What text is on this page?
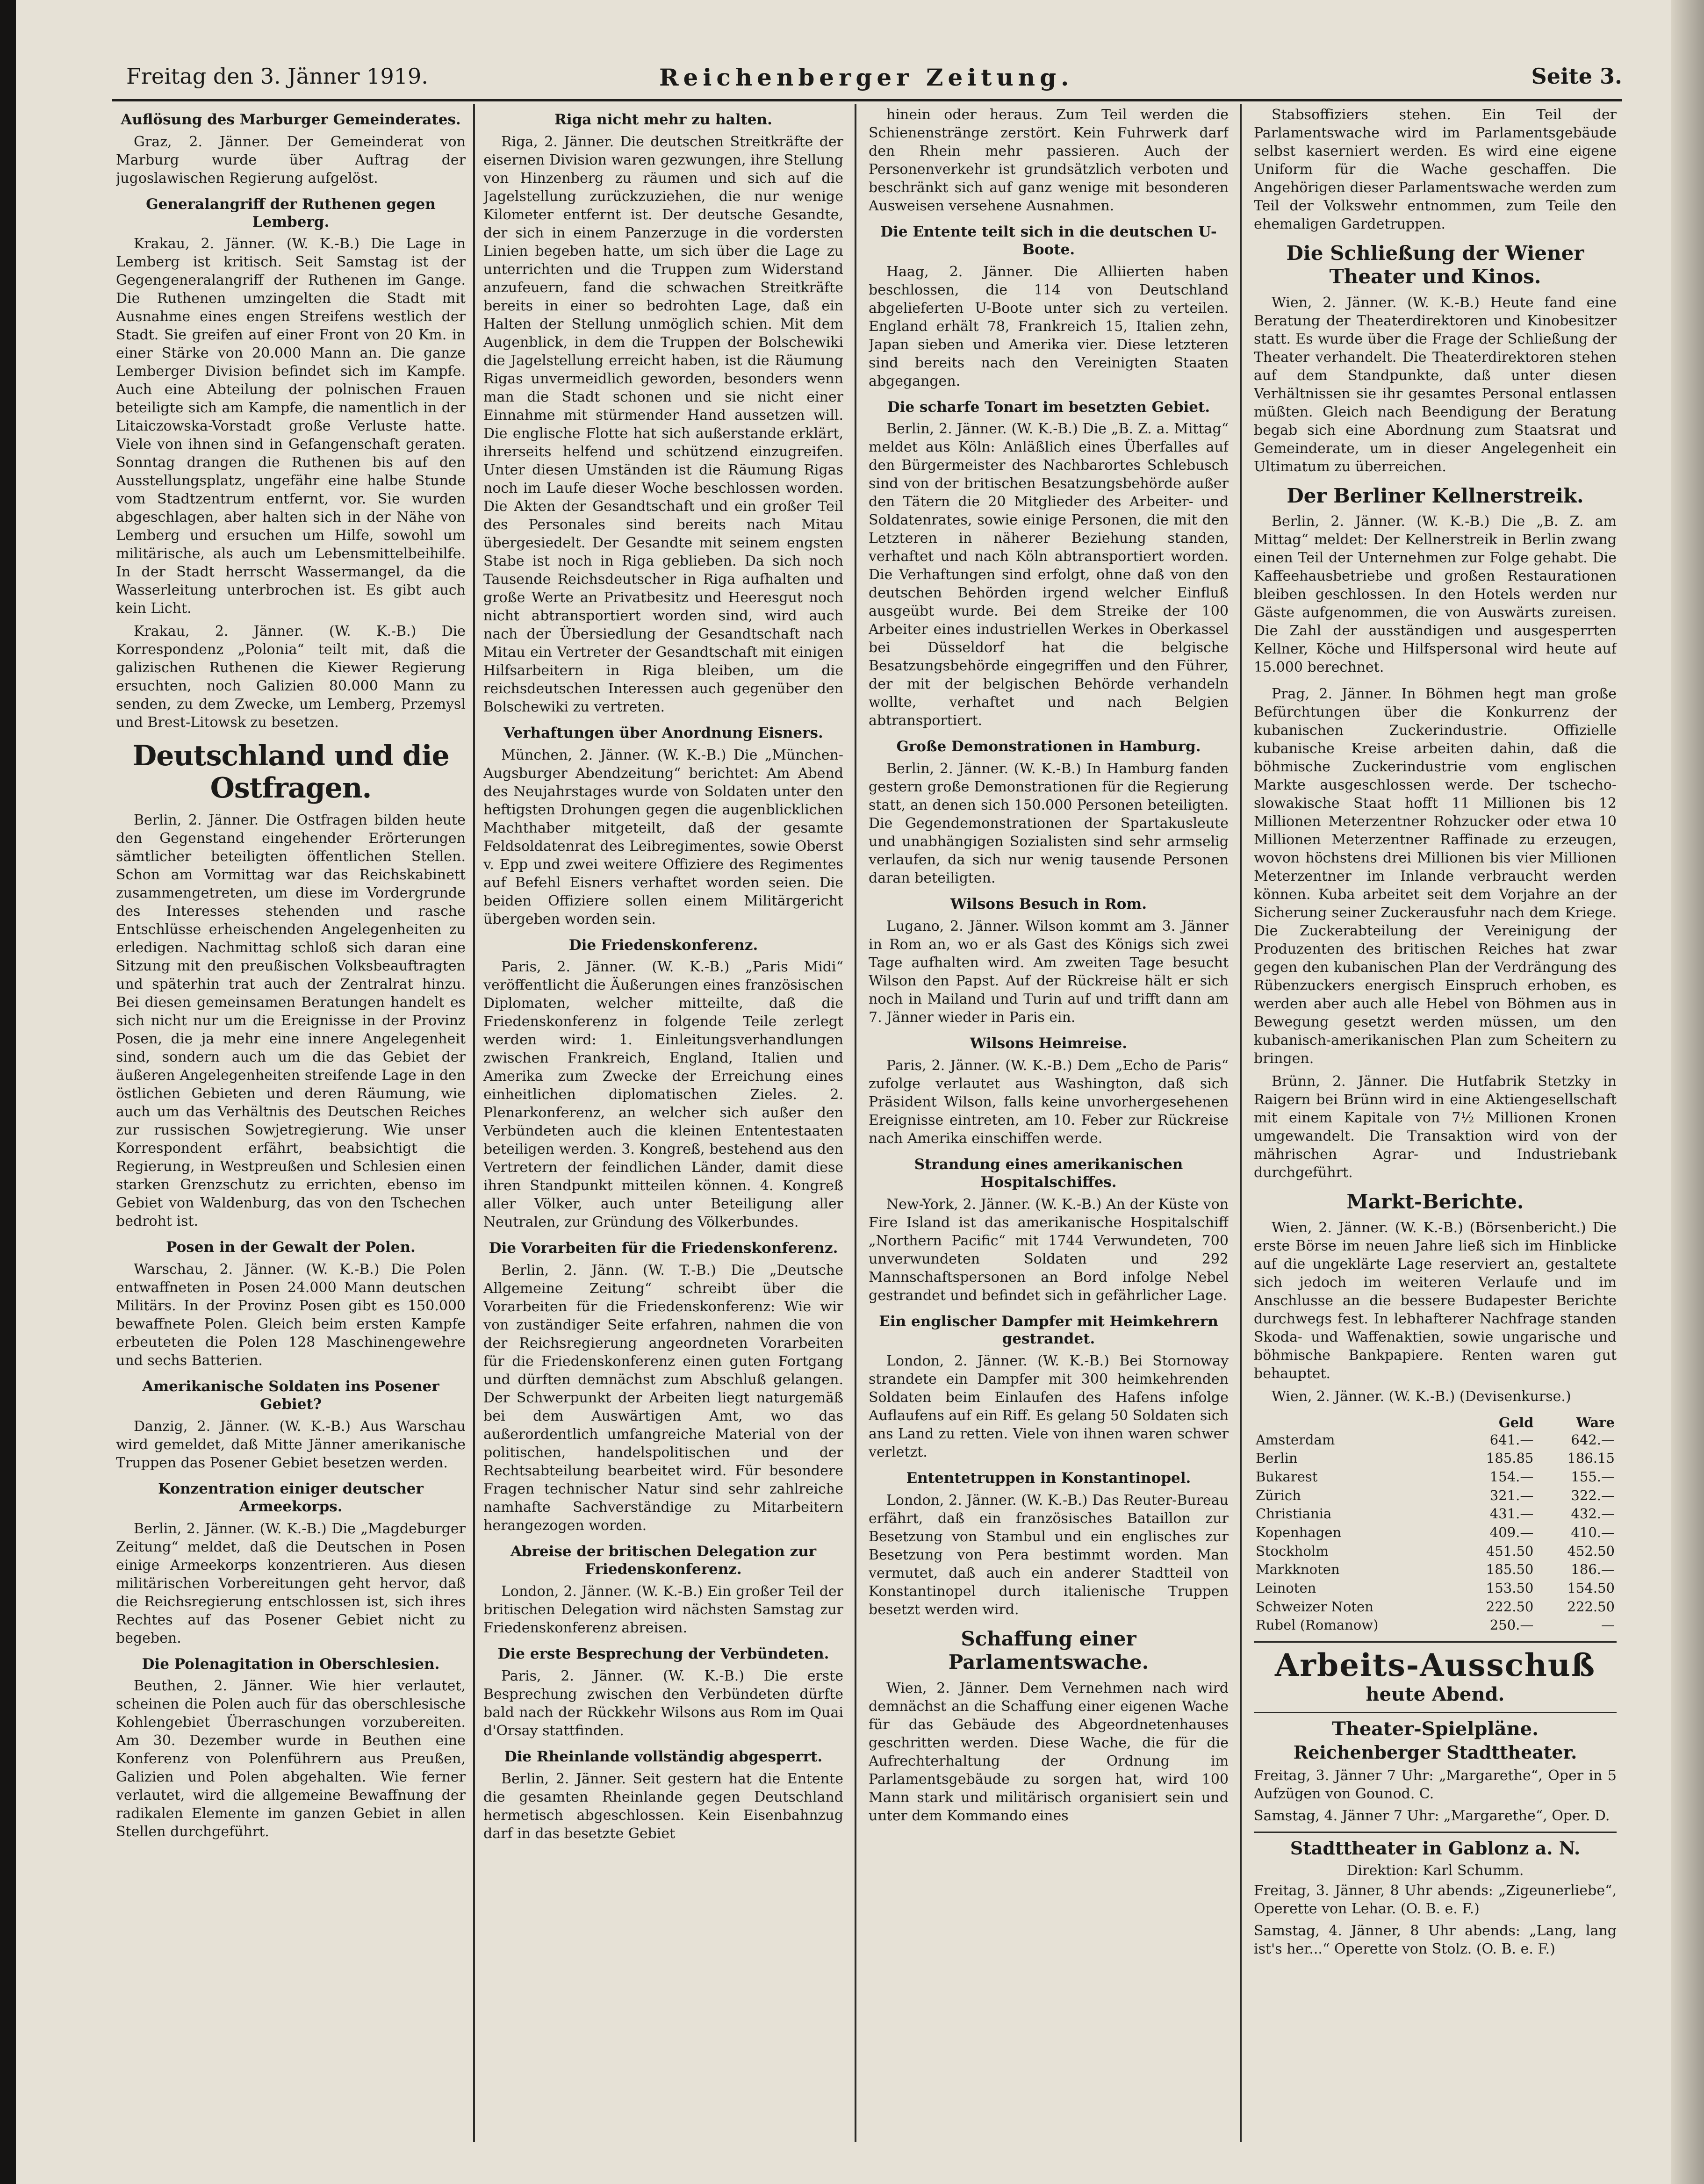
Freitag den 3. Jänner 1919.	Reichenberger Zeitung.	Seite 3.
Auflösung des Marburger Gemeinderates.

Graz, 2. Jänner. Der Gemeinderat von Marburg wurde über Auftrag der jugoslawischen Regierung aufgelöst.

Generalangriff der Ruthenen gegen Lemberg.

Krakau, 2. Jänner. (W. K.-B.) Die Lage in Lemberg ist kritisch. Seit Samstag ist der Gegengeneralangriff der Ruthenen im Gange. Die Ruthenen umzingelten die Stadt mit Ausnahme eines engen Streifens westlich der Stadt. Sie greifen auf einer Front von 20 Km. in einer Stärke von 20.000 Mann an. Die ganze Lemberger Division befindet sich im Kampfe. Auch eine Abteilung der polnischen Frauen beteiligte sich am Kampfe, die namentlich in der Litaiczowska-Vorstadt große Verluste hatte. Viele von ihnen sind in Gefangenschaft geraten. Sonntag drangen die Ruthenen bis auf den Ausstellungsplatz, ungefähr eine halbe Stunde vom Stadtzentrum entfernt, vor. Sie wurden abgeschlagen, aber halten sich in der Nähe von Lemberg und ersuchen um Hilfe, sowohl um militärische, als auch um Lebensmittelbeihilfe. In der Stadt herrscht Wassermangel, da die Wasserleitung unterbrochen ist. Es gibt auch kein Licht.

Krakau, 2. Jänner. (W. K.-B.) Die Korrespondenz „Polonia“ teilt mit, daß die galizischen Ruthenen die Kiewer Regierung ersuchten, noch Galizien 80.000 Mann zu senden, zu dem Zwecke, um Lemberg, Przemysl und Brest-Litowsk zu besetzen.

Deutschland und die Ostfragen.

Berlin, 2. Jänner. Die Ostfragen bilden heute den Gegenstand eingehender Erörterungen sämtlicher beteiligten öffentlichen Stellen. Schon am Vormittag war das Reichskabinett zusammengetreten, um diese im Vordergrunde des Interesses stehenden und rasche Entschlüsse erheischenden Angelegenheiten zu erledigen. Nachmittag schloß sich daran eine Sitzung mit den preußischen Volksbeauftragten und späterhin trat auch der Zentralrat hinzu. Bei diesen gemeinsamen Beratungen handelt es sich nicht nur um die Ereignisse in der Provinz Posen, die ja mehr eine innere Angelegenheit sind, sondern auch um die das Gebiet der äußeren Angelegenheiten streifende Lage in den östlichen Gebieten und deren Räumung, wie auch um das Verhältnis des Deutschen Reiches zur russischen Sowjetregierung. Wie unser Korrespondent erfährt, beabsichtigt die Regierung, in Westpreußen und Schlesien einen starken Grenzschutz zu errichten, ebenso im Gebiet von Waldenburg, das von den Tschechen bedroht ist.

Posen in der Gewalt der Polen.

Warschau, 2. Jänner. (W. K.-B.) Die Polen entwaffneten in Posen 24.000 Mann deutschen Militärs. In der Provinz Posen gibt es 150.000 bewaffnete Polen. Gleich beim ersten Kampfe erbeuteten die Polen 128 Maschinengewehre und sechs Batterien.

Amerikanische Soldaten ins Posener Gebiet?

Danzig, 2. Jänner. (W. K.-B.) Aus Warschau wird gemeldet, daß Mitte Jänner amerikanische Truppen das Posener Gebiet besetzen werden.

Konzentration einiger deutscher Armeekorps.

Berlin, 2. Jänner. (W. K.-B.) Die „Magdeburger Zeitung“ meldet, daß die Deutschen in Posen einige Armeekorps konzentrieren. Aus diesen militärischen Vorbereitungen geht hervor, daß die Reichsregierung entschlossen ist, sich ihres Rechtes auf das Posener Gebiet nicht zu begeben.

Die Polenagitation in Oberschlesien.

Beuthen, 2. Jänner. Wie hier verlautet, scheinen die Polen auch für das oberschlesische Kohlengebiet Überraschungen vorzubereiten. Am 30. Dezember wurde in Beuthen eine Konferenz von Polenführern aus Preußen, Galizien und Polen abgehalten. Wie ferner verlautet, wird die allgemeine Bewaffnung der radikalen Elemente im ganzen Gebiet in allen Stellen durchgeführt.

Riga nicht mehr zu halten.

Riga, 2. Jänner. Die deutschen Streitkräfte der eisernen Division waren gezwungen, ihre Stellung von Hinzenberg zu räumen und sich auf die Jagelstellung zurückzuziehen, die nur wenige Kilometer entfernt ist. Der deutsche Gesandte, der sich in einem Panzerzuge in die vordersten Linien begeben hatte, um sich über die Lage zu unterrichten und die Truppen zum Widerstand anzufeuern, fand die schwachen Streitkräfte bereits in einer so bedrohten Lage, daß ein Halten der Stellung unmöglich schien. Mit dem Augenblick, in dem die Truppen der Bolschewiki die Jagelstellung erreicht haben, ist die Räumung Rigas unvermeidlich geworden, besonders wenn man die Stadt schonen und sie nicht einer Einnahme mit stürmender Hand aussetzen will. Die englische Flotte hat sich außerstande erklärt, ihrerseits helfend und schützend einzugreifen. Unter diesen Umständen ist die Räumung Rigas noch im Laufe dieser Woche beschlossen worden. Die Akten der Gesandtschaft und ein großer Teil des Personales sind bereits nach Mitau übergesiedelt. Der Gesandte mit seinem engsten Stabe ist noch in Riga geblieben. Da sich noch Tausende Reichsdeutscher in Riga aufhalten und große Werte an Privatbesitz und Heeresgut noch nicht abtransportiert worden sind, wird auch nach der Übersiedlung der Gesandtschaft nach Mitau ein Vertreter der Gesandtschaft mit einigen Hilfsarbeitern in Riga bleiben, um die reichsdeutschen Interessen auch gegenüber den Bolschewiki zu vertreten.

Verhaftungen über Anordnung Eisners.

München, 2. Jänner. (W. K.-B.) Die „München-Augsburger Abendzeitung“ berichtet: Am Abend des Neujahrstages wurde von Soldaten unter den heftigsten Drohungen gegen die augenblicklichen Machthaber mitgeteilt, daß der gesamte Feldsoldatenrat des Leibregimentes, sowie Oberst v. Epp und zwei weitere Offiziere des Regimentes auf Befehl Eisners verhaftet worden seien. Die beiden Offiziere sollen einem Militärgericht übergeben worden sein.

Die Friedenskonferenz.

Paris, 2. Jänner. (W. K.-B.) „Paris Midi“ veröffentlicht die Äußerungen eines französischen Diplomaten, welcher mitteilte, daß die Friedenskonferenz in folgende Teile zerlegt werden wird: 1. Einleitungsverhandlungen zwischen Frankreich, England, Italien und Amerika zum Zwecke der Erreichung eines einheitlichen diplomatischen Zieles. 2. Plenarkonferenz, an welcher sich außer den Verbündeten auch die kleinen Ententestaaten beteiligen werden. 3. Kongreß, bestehend aus den Vertretern der feindlichen Länder, damit diese ihren Standpunkt mitteilen können. 4. Kongreß aller Völker, auch unter Beteiligung aller Neutralen, zur Gründung des Völkerbundes.

Die Vorarbeiten für die Friedenskonferenz.

Berlin, 2. Jänn. (W. T.-B.) Die „Deutsche Allgemeine Zeitung“ schreibt über die Vorarbeiten für die Friedenskonferenz: Wie wir von zuständiger Seite erfahren, nahmen die von der Reichsregierung angeordneten Vorarbeiten für die Friedenskonferenz einen guten Fortgang und dürften demnächst zum Abschluß gelangen. Der Schwerpunkt der Arbeiten liegt naturgemäß bei dem Auswärtigen Amt, wo das außerordentlich umfangreiche Material von der politischen, handelspolitischen und der Rechtsabteilung bearbeitet wird. Für besondere Fragen technischer Natur sind sehr zahlreiche namhafte Sachverständige zu Mitarbeitern herangezogen worden.

Abreise der britischen Delegation zur Friedenskonferenz.

London, 2. Jänner. (W. K.-B.) Ein großer Teil der britischen Delegation wird nächsten Samstag zur Friedenskonferenz abreisen.

Die erste Besprechung der Verbündeten.

Paris, 2. Jänner. (W. K.-B.) Die erste Besprechung zwischen den Verbündeten dürfte bald nach der Rückkehr Wilsons aus Rom im Quai d'Orsay stattfinden.

Die Rheinlande vollständig abgesperrt.

Berlin, 2. Jänner. Seit gestern hat die Entente die gesamten Rheinlande gegen Deutschland hermetisch abgeschlossen. Kein Eisenbahnzug darf in das besetzte Gebiet

hinein oder heraus. Zum Teil werden die Schienenstränge zerstört. Kein Fuhrwerk darf den Rhein mehr passieren. Auch der Personenverkehr ist grundsätzlich verboten und beschränkt sich auf ganz wenige mit besonderen Ausweisen versehene Ausnahmen.

Die Entente teilt sich in die deutschen U-Boote.

Haag, 2. Jänner. Die Alliierten haben beschlossen, die 114 von Deutschland abgelieferten U-Boote unter sich zu verteilen. England erhält 78, Frankreich 15, Italien zehn, Japan sieben und Amerika vier. Diese letzteren sind bereits nach den Vereinigten Staaten abgegangen.

Die scharfe Tonart im besetzten Gebiet.

Berlin, 2. Jänner. (W. K.-B.) Die „B. Z. a. Mittag“ meldet aus Köln: Anläßlich eines Überfalles auf den Bürgermeister des Nachbarortes Schlebusch sind von der britischen Besatzungsbehörde außer den Tätern die 20 Mitglieder des Arbeiter- und Soldatenrates, sowie einige Personen, die mit den Letzteren in näherer Beziehung standen, verhaftet und nach Köln abtransportiert worden. Die Verhaftungen sind erfolgt, ohne daß von den deutschen Behörden irgend welcher Einfluß ausgeübt wurde. Bei dem Streike der 100 Arbeiter eines industriellen Werkes in Oberkassel bei Düsseldorf hat die belgische Besatzungsbehörde eingegriffen und den Führer, der mit der belgischen Behörde verhandeln wollte, verhaftet und nach Belgien abtransportiert.

Große Demonstrationen in Hamburg.

Berlin, 2. Jänner. (W. K.-B.) In Hamburg fanden gestern große Demonstrationen für die Regierung statt, an denen sich 150.000 Personen beteiligten. Die Gegendemonstrationen der Spartakusleute und unabhängigen Sozialisten sind sehr armselig verlaufen, da sich nur wenig tausende Personen daran beteiligten.

Wilsons Besuch in Rom.

Lugano, 2. Jänner. Wilson kommt am 3. Jänner in Rom an, wo er als Gast des Königs sich zwei Tage aufhalten wird. Am zweiten Tage besucht Wilson den Papst. Auf der Rückreise hält er sich noch in Mailand und Turin auf und trifft dann am 7. Jänner wieder in Paris ein.

Wilsons Heimreise.

Paris, 2. Jänner. (W. K.-B.) Dem „Echo de Paris“ zufolge verlautet aus Washington, daß sich Präsident Wilson, falls keine unvorhergesehenen Ereignisse eintreten, am 10. Feber zur Rückreise nach Amerika einschiffen werde.

Strandung eines amerikanischen Hospitalschiffes.

New-York, 2. Jänner. (W. K.-B.) An der Küste von Fire Island ist das amerikanische Hospitalschiff „Northern Pacific“ mit 1744 Verwundeten, 700 unverwundeten Soldaten und 292 Mannschaftspersonen an Bord infolge Nebel gestrandet und befindet sich in gefährlicher Lage.

Ein englischer Dampfer mit Heimkehrern gestrandet.

London, 2. Jänner. (W. K.-B.) Bei Stornoway strandete ein Dampfer mit 300 heimkehrenden Soldaten beim Einlaufen des Hafens infolge Auflaufens auf ein Riff. Es gelang 50 Soldaten sich ans Land zu retten. Viele von ihnen waren schwer verletzt.

Ententetruppen in Konstantinopel.

London, 2. Jänner. (W. K.-B.) Das Reuter-Bureau erfährt, daß ein französisches Bataillon zur Besetzung von Stambul und ein englisches zur Besetzung von Pera bestimmt worden. Man vermutet, daß auch ein anderer Stadtteil von Konstantinopel durch italienische Truppen besetzt werden wird.

Schaffung einer Parlamentswache.

Wien, 2. Jänner. Dem Vernehmen nach wird demnächst an die Schaffung einer eigenen Wache für das Gebäude des Abgeordnetenhauses geschritten werden. Diese Wache, die für die Aufrechterhaltung der Ordnung im Parlamentsgebäude zu sorgen hat, wird 100 Mann stark und militärisch organisiert sein und unter dem Kommando eines

Stabsoffiziers stehen. Ein Teil der Parlamentswache wird im Parlamentsgebäude selbst kaserniert werden. Es wird eine eigene Uniform für die Wache geschaffen. Die Angehörigen dieser Parlamentswache werden zum Teil der Volkswehr entnommen, zum Teile den ehemaligen Gardetruppen.

Die Schließung der Wiener Theater und Kinos.

Wien, 2. Jänner. (W. K.-B.) Heute fand eine Beratung der Theaterdirektoren und Kinobesitzer statt. Es wurde über die Frage der Schließung der Theater verhandelt. Die Theaterdirektoren stehen auf dem Standpunkte, daß unter diesen Verhältnissen sie ihr gesamtes Personal entlassen müßten. Gleich nach Beendigung der Beratung begab sich eine Abordnung zum Staatsrat und Gemeinderate, um in dieser Angelegenheit ein Ultimatum zu überreichen.

Der Berliner Kellnerstreik.

Berlin, 2. Jänner. (W. K.-B.) Die „B. Z. am Mittag“ meldet: Der Kellnerstreik in Berlin zwang einen Teil der Unternehmen zur Folge gehabt. Die Kaffeehausbetriebe und großen Restaurationen bleiben geschlossen. In den Hotels werden nur Gäste aufgenommen, die von Auswärts zureisen. Die Zahl der ausständigen und ausgesperrten Kellner, Köche und Hilfspersonal wird heute auf 15.000 berechnet.

Prag, 2. Jänner. In Böhmen hegt man große Befürchtungen über die Konkurrenz der kubanischen Zuckerindustrie. Offizielle kubanische Kreise arbeiten dahin, daß die böhmische Zuckerindustrie vom englischen Markte ausgeschlossen werde. Der tschecho-slowakische Staat hofft 11 Millionen bis 12 Millionen Meterzentner Rohzucker oder etwa 10 Millionen Meterzentner Raffinade zu erzeugen, wovon höchstens drei Millionen bis vier Millionen Meterzentner im Inlande verbraucht werden können. Kuba arbeitet seit dem Vorjahre an der Sicherung seiner Zuckerausfuhr nach dem Kriege. Die Zuckerabteilung der Vereinigung der Produzenten des britischen Reiches hat zwar gegen den kubanischen Plan der Verdrängung des Rübenzuckers energisch Einspruch erhoben, es werden aber auch alle Hebel von Böhmen aus in Bewegung gesetzt werden müssen, um den kubanisch-amerikanischen Plan zum Scheitern zu bringen.

Brünn, 2. Jänner. Die Hutfabrik Stetzky in Raigern bei Brünn wird in eine Aktiengesellschaft mit einem Kapitale von 7½ Millionen Kronen umgewandelt. Die Transaktion wird von der mährischen Agrar- und Industriebank durchgeführt.

Markt-Berichte.

Wien, 2. Jänner. (W. K.-B.) (Börsenbericht.) Die erste Börse im neuen Jahre ließ sich im Hinblicke auf die ungeklärte Lage reserviert an, gestaltete sich jedoch im weiteren Verlaufe und im Anschlusse an die bessere Budapester Berichte durchwegs fest. In lebhafterer Nachfrage standen Skoda- und Waffenaktien, sowie ungarische und böhmische Bankpapiere. Renten waren gut behauptet.

Wien, 2. Jänner. (W. K.-B.) (Devisenkurse.)

	Geld	Ware
Amsterdam	641.—	642.—
Berlin	185.85	186.15
Bukarest	154.—	155.—
Zürich	321.—	322.—
Christiania	431.—	432.—
Kopenhagen	409.—	410.—
Stockholm	451.50	452.50
Markknoten	185.50	186.—
Leinoten	153.50	154.50
Schweizer Noten	222.50	222.50
Rubel (Romanow)	250.—	—
Arbeits-Ausschuß
heute Abend.
Theater-Spielpläne.
Reichenberger Stadttheater.
Freitag, 3. Jänner 7 Uhr: „Margarethe“, Oper in 5 Aufzügen von Gounod. C.
Samstag, 4. Jänner 7 Uhr: „Margarethe“, Oper. D.
Stadttheater in Gablonz a. N.
Direktion: Karl Schumm.
Freitag, 3. Jänner, 8 Uhr abends: „Zigeunerliebe“, Operette von Lehar. (O. B. e. F.)
Samstag, 4. Jänner, 8 Uhr abends: „Lang, lang ist's her...“ Operette von Stolz. (O. B. e. F.)
